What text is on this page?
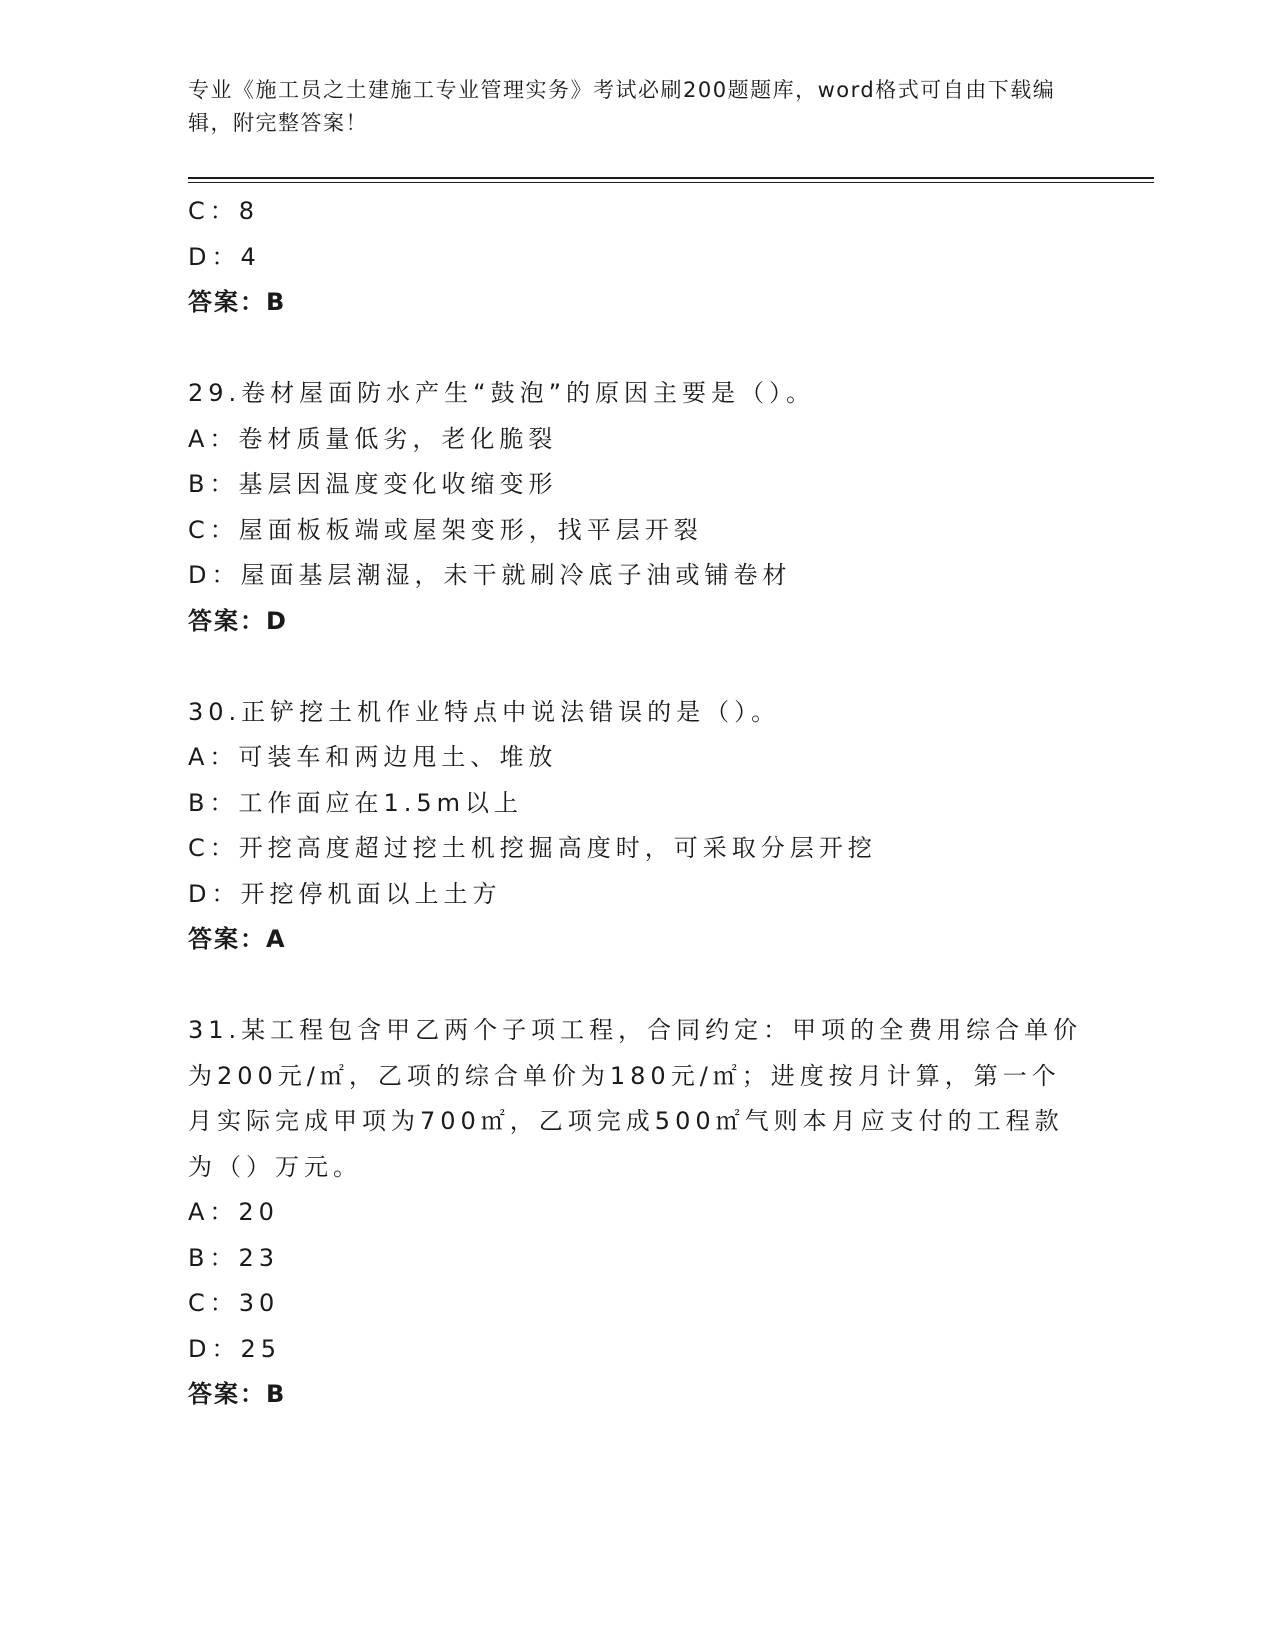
专业《施工员之土建施工专业管理实务》考试必刷200题题库，word格式可自由下载编辑，附完整答案！
C：8
D：4
答案：B
29.卷材屋面防水产生“鼓泡”的原因主要是（）。
A：卷材质量低劣，老化脆裂
B：基层因温度变化收缩变形
C：屋面板板端或屋架变形，找平层开裂
D：屋面基层潮湿，未干就刷冷底子油或铺卷材
答案：D
30.正铲挖土机作业特点中说法错误的是（）。
A：可装车和两边甩土、堆放
B：工作面应在1.5m以上
C：开挖高度超过挖土机挖掘高度时，可采取分层开挖
D：开挖停机面以上土方
答案：A
31.某工程包含甲乙两个子项工程，合同约定：甲项的全费用综合单价为200元/㎡，乙项的综合单价为180元/㎡；进度按月计算，第一个月实际完成甲项为700㎡，乙项完成500㎡气则本月应支付的工程款为（）万元。
A：20
B：23
C：30
D：25
答案：B
